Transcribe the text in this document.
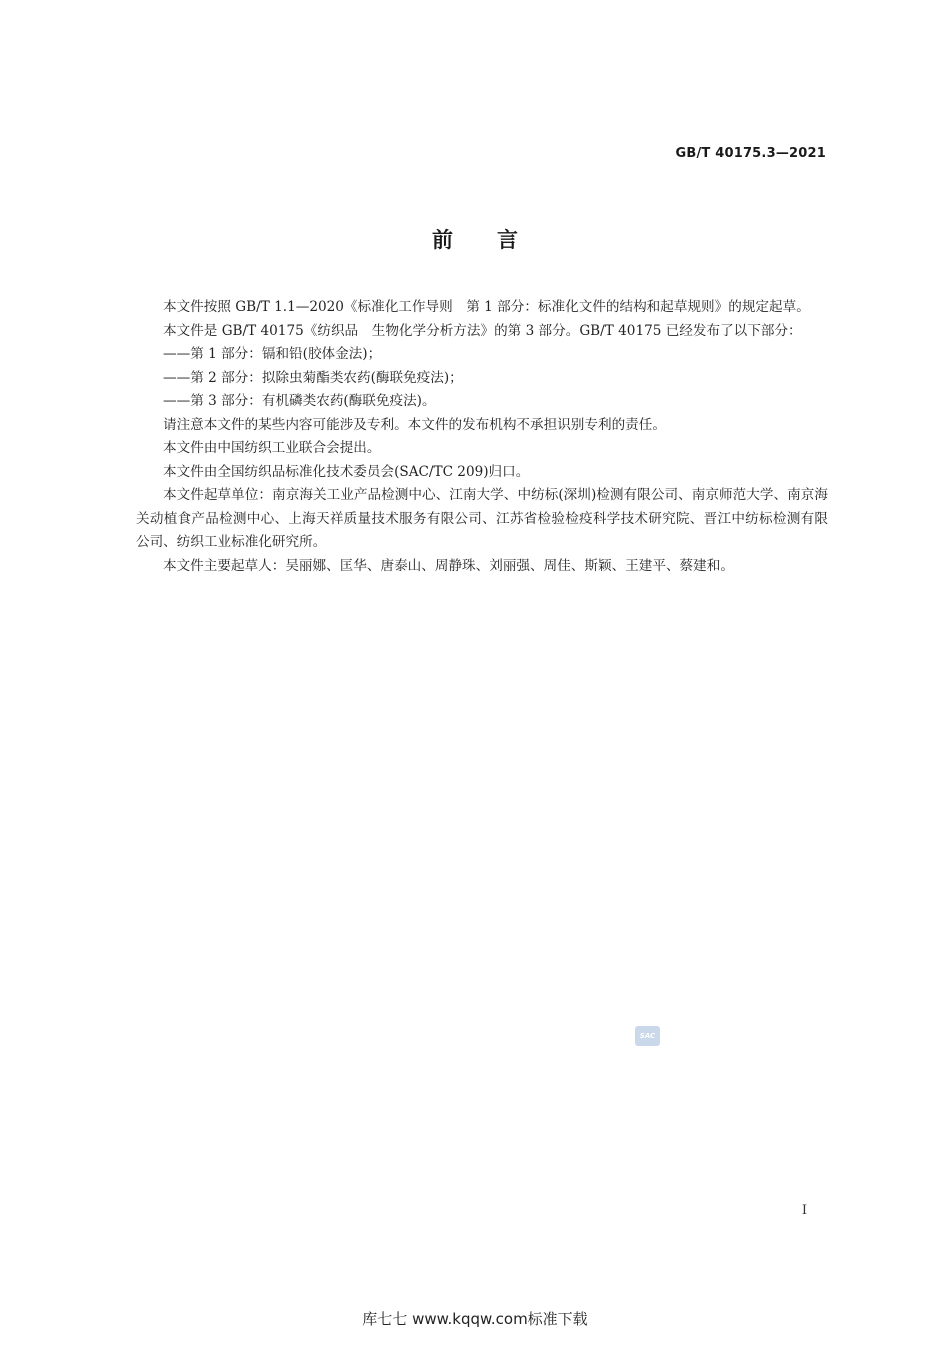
GB/T 40175.3—2021
前言

本文件按照 GB/T 1.1—2020《标准化工作导则　第 1 部分：标准化文件的结构和起草规则》的规定起草。

本文件是 GB/T 40175《纺织品　生物化学分析方法》的第 3 部分。GB/T 40175 已经发布了以下部分：

——第 1 部分：镉和铅(胶体金法)；

——第 2 部分：拟除虫菊酯类农药(酶联免疫法)；

——第 3 部分：有机磷类农药(酶联免疫法)。

请注意本文件的某些内容可能涉及专利。本文件的发布机构不承担识别专利的责任。

本文件由中国纺织工业联合会提出。

本文件由全国纺织品标准化技术委员会(SAC/TC 209)归口。

本文件起草单位：南京海关工业产品检测中心、江南大学、中纺标(深圳)检测有限公司、南京师范大学、南京海关动植食产品检测中心、上海天祥质量技术服务有限公司、江苏省检验检疫科学技术研究院、晋江中纺标检测有限公司、纺织工业标准化研究所。

本文件主要起草人：吴丽娜、匡华、唐泰山、周静珠、刘丽强、周佳、斯颖、王建平、蔡建和。

SAC
I
库七七 www.kqqw.com标准下载
